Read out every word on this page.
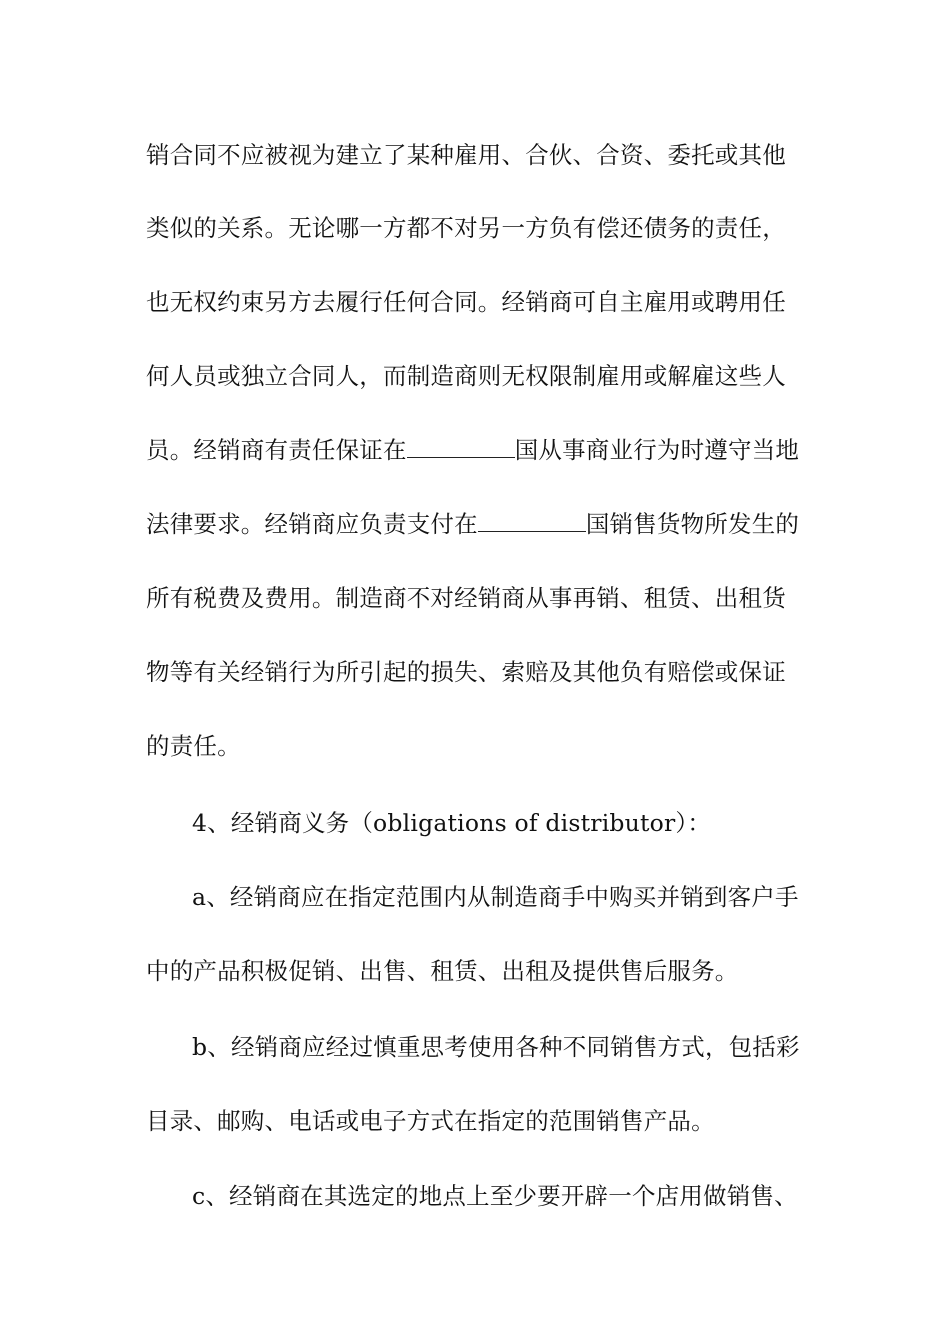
销合同不应被视为建立了某种雇用、合伙、合资、委托或其他
类似的关系。无论哪一方都不对另一方负有偿还债务的责任，
也无权约束另方去履行任何合同。经销商可自主雇用或聘用任
何人员或独立合同人，而制造商则无权限制雇用或解雇这些人
员。经销商有责任保证在	国从事商业行为时遵守当地
法律要求。经销商应负责支付在	国销售货物所发生的
所有税费及费用。制造商不对经销商从事再销、租赁、出租货
物等有关经销行为所引起的损失、索赔及其他负有赔偿或保证
的责任。
4、经销商义务（obligations of distributor）：
a、经销商应在指定范围内从制造商手中购买并销到客户手
中的产品积极促销、出售、租赁、出租及提供售后服务。
b、经销商应经过慎重思考使用各种不同销售方式，包括彩
目录、邮购、电话或电子方式在指定的范围销售产品。
c、经销商在其选定的地点上至少要开辟一个店用做销售、
